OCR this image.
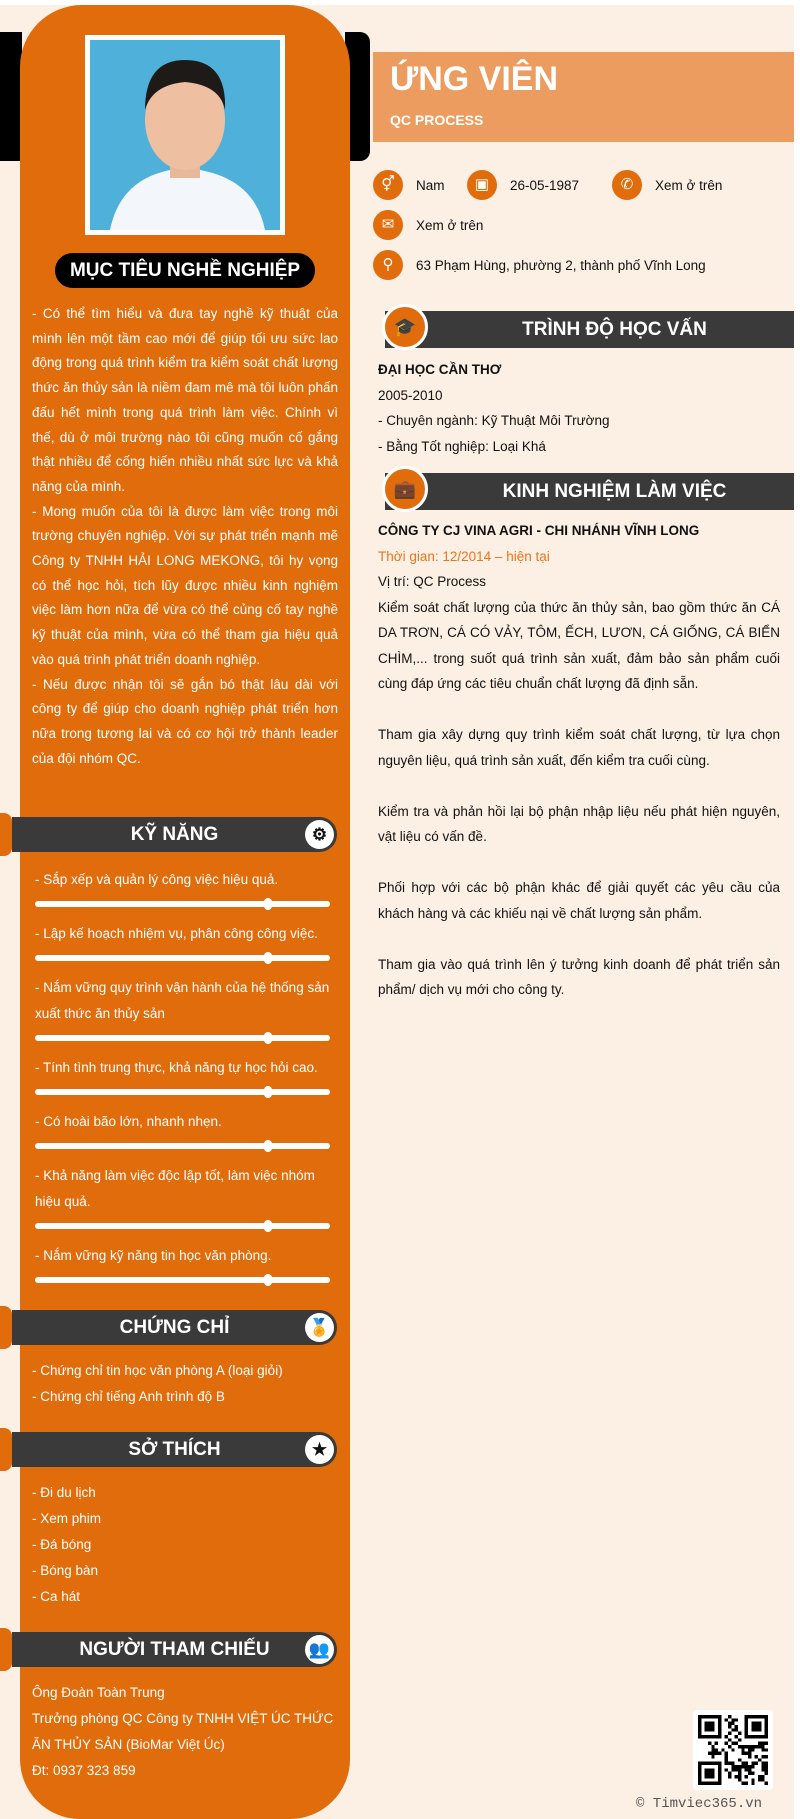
MỤC TIÊU NGHỀ NGHIỆP

- Có thể tìm hiểu và đưa tay nghề kỹ thuật của mình lên một tầm cao mới để giúp tối ưu sức lao động trong quá trình kiểm tra kiểm soát chất lượng thức ăn thủy sản là niềm đam mê mà tôi luôn phấn đấu hết mình trong quá trình làm việc. Chính vì thế, dù ở môi trường nào tôi cũng muốn cố gắng thật nhiều để cống hiến nhiều nhất sức lực và khả năng của mình.

- Mong muốn của tôi là được làm việc trong môi trường chuyên nghiệp. Với sự phát triển mạnh mẽ Công ty TNHH HẢI LONG MEKONG, tôi hy vọng có thể học hỏi, tích lũy được nhiều kinh nghiệm việc làm hơn nữa để vừa có thể củng cố tay nghề kỹ thuật của mình, vừa có thể tham gia hiệu quả vào quá trình phát triển doanh nghiệp.

- Nếu được nhận tôi sẽ gắn bó thật lâu dài với công ty để giúp cho doanh nghiệp phát triển hơn nữa trong tương lai và có cơ hội trở thành leader của đội nhóm QC.

KỸ NĂNG	⚙
- Sắp xếp và quản lý công việc hiệu quả.
- Lập kế hoạch nhiệm vụ, phân công công việc.
- Nắm vững quy trình vận hành của hệ thống sản xuất thức ăn thủy sản
- Tính tình trung thực, khả năng tự học hỏi cao.
- Có hoài bão lớn, nhanh nhẹn.
- Khả năng làm việc độc lập tốt, làm việc nhóm hiệu quả.
- Nắm vững kỹ năng tin học văn phòng.
CHỨNG CHỈ	🏅
- Chứng chỉ tin học văn phòng A (loại giỏi)
- Chứng chỉ tiếng Anh trình độ B
SỞ THÍCH	★
- Đi du lịch
- Xem phim
- Đá bóng
- Bóng bàn
- Ca hát
NGƯỜI THAM CHIẾU 👥
Ông Đoàn Toàn Trung
Trưởng phòng QC Công ty TNHH VIỆT ÚC THỨC ĂN THỦY SẢN (BioMar Việt Úc)
Đt: 0937 323 859
ỨNG VIÊN
QC PROCESS
⚥	Nam	▣	26-05-1987	✆	Xem ở trên
✉	Xem ở trên
⚲	63 Phạm Hùng, phường 2, thành phố Vĩnh Long
🎓	TRÌNH ĐỘ HỌC VẤN
ĐẠI HỌC CẦN THƠ
2005-2010
- Chuyên ngành: Kỹ Thuật Môi Trường
- Bằng Tốt nghiệp: Loại Khá
💼	KINH NGHIỆM LÀM VIỆC
CÔNG TY CJ VINA AGRI - CHI NHÁNH VĨNH LONG
Thời gian: 12/2014 – hiện tại
Vị trí: QC Process

Kiểm soát chất lượng của thức ăn thủy sản, bao gồm thức ăn CÁ DA TRƠN, CÁ CÓ VẢY, TÔM, ẾCH, LƯƠN, CÁ GIỐNG, CÁ BIỂN CHÌM,... trong suốt quá trình sản xuất, đảm bảo sản phẩm cuối cùng đáp ứng các tiêu chuẩn chất lượng đã định sẵn.

Tham gia xây dựng quy trình kiểm soát chất lượng, từ lựa chọn nguyên liệu, quá trình sản xuất, đến kiểm tra cuối cùng.

Kiểm tra và phản hồi lại bộ phận nhập liệu nếu phát hiện nguyên, vật liệu có vấn đề.

Phối hợp với các bộ phận khác để giải quyết các yêu cầu của khách hàng và các khiếu nại về chất lượng sản phẩm.

Tham gia vào quá trình lên ý tưởng kinh doanh để phát triển sản phẩm/ dịch vụ mới cho công ty.

© Timviec365.vn
